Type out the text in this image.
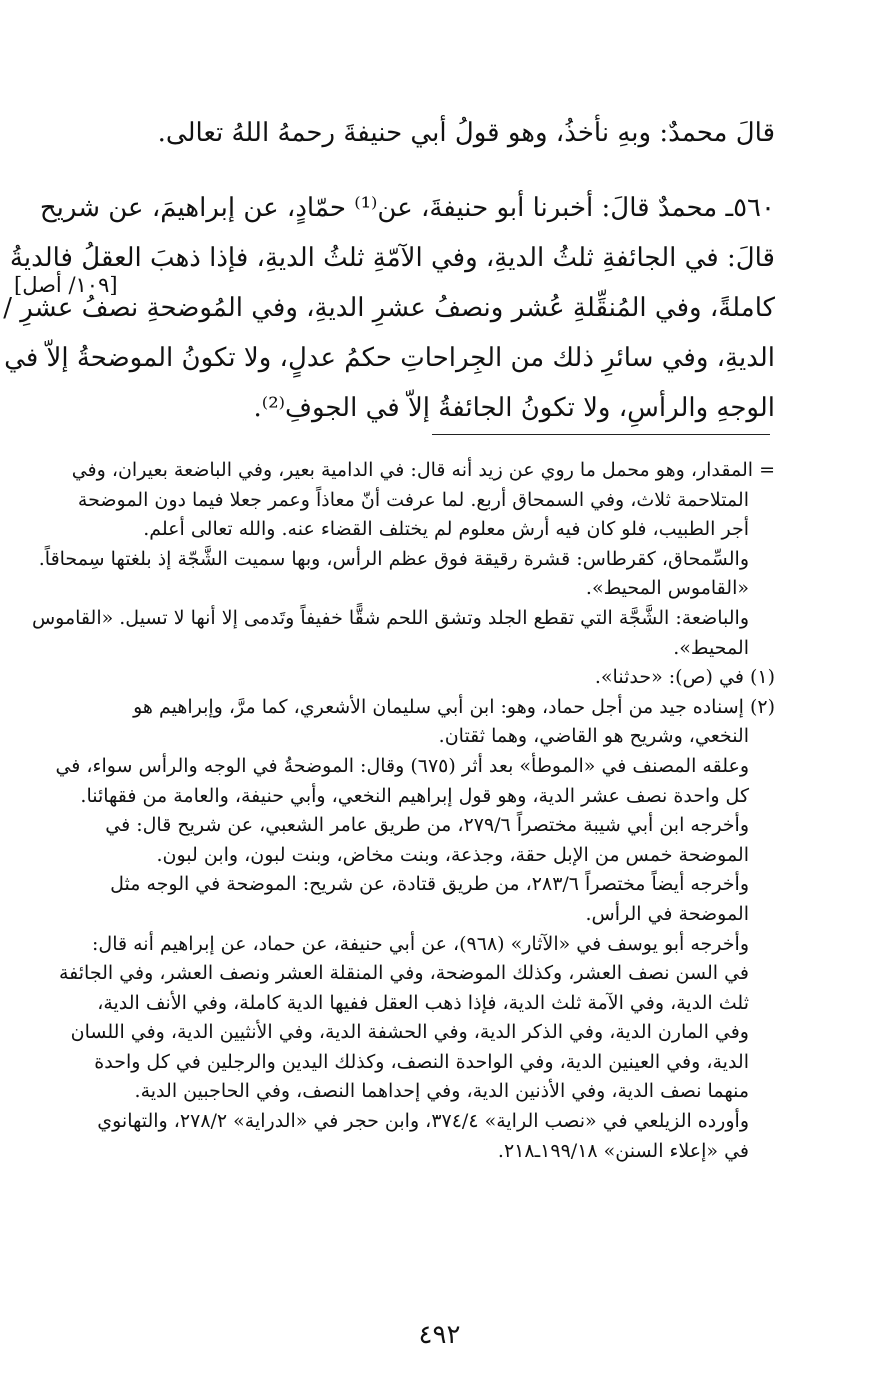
قالَ محمدٌ: وبهِ نأخذُ، وهو قولُ أبي حنيفةَ رحمهُ اللهُ تعالى.
٥٦٠ـ محمدٌ قالَ: أخبرنا أبو حنيفةَ، عن⁽¹⁾ حمّادٍ، عن إبراهيمَ، عن شريح
قالَ: في الجائفةِ ثلثُ الديةِ، وفي الآمّةِ ثلثُ الديةِ، فإذا ذهبَ العقلُ فالديةُ
كاملةً، وفي المُنقِّلةِ عُشر ونصفُ عشرِ الديةِ، وفي المُوضحةِ نصفُ عشرِ /
الديةِ، وفي سائرِ ذلك من الجِراحاتِ حكمُ عدلٍ، ولا تكونُ الموضحةُ إلاّ في
الوجهِ والرأسِ، ولا تكونُ الجائفةُ إلاّ في الجوفِ⁽²⁾.
[١٠٩/ أصل]
= المقدار، وهو محمل ما روي عن زيد أنه قال: في الدامية بعير، وفي الباضعة بعيران، وفي
المتلاحمة ثلاث، وفي السمحاق أربع. لما عرفت أنّ معاذاً وعمر جعلا فيما دون الموضحة
أجر الطبيب، فلو كان فيه أرش معلوم لم يختلف القضاء عنه. والله تعالى أعلم.
والسِّمحاق، كقرطاس: قشرة رقيقة فوق عظم الرأس، وبها سميت الشَّجّة إذ بلغتها سِمحاقاً.
«القاموس المحيط».
والباضعة: الشَّجَّة التي تقطع الجلد وتشق اللحم شقًّا خفيفاً وتَدمى إلا أنها لا تسيل. «القاموس
المحيط».
(١) في (ص): «حدثنا».
(٢) إسناده جيد من أجل حماد، وهو: ابن أبي سليمان الأشعري، كما مرَّ، وإبراهيم هو
النخعي، وشريح هو القاضي، وهما ثقتان.
وعلقه المصنف في «الموطأ» بعد أثر (٦٧٥) وقال: الموضحةُ في الوجه والرأس سواء، في
كل واحدة نصف عشر الدية، وهو قول إبراهيم النخعي، وأبي حنيفة، والعامة من فقهائنا.
وأخرجه ابن أبي شيبة مختصراً ٢٧٩/٦، من طريق عامر الشعبي، عن شريح قال: في
الموضحة خمس من الإبل حقة، وجذعة، وبنت مخاض، وبنت لبون، وابن لبون.
وأخرجه أيضاً مختصراً ٢٨٣/٦، من طريق قتادة، عن شريح: الموضحة في الوجه مثل
الموضحة في الرأس.
وأخرجه أبو يوسف في «الآثار» (٩٦٨)، عن أبي حنيفة، عن حماد، عن إبراهيم أنه قال:
في السن نصف العشر، وكذلك الموضحة، وفي المنقلة العشر ونصف العشر، وفي الجائفة
ثلث الدية، وفي الآمة ثلث الدية، فإذا ذهب العقل ففيها الدية كاملة، وفي الأنف الدية،
وفي المارن الدية، وفي الذكر الدية، وفي الحشفة الدية، وفي الأنثيين الدية، وفي اللسان
الدية، وفي العينين الدية، وفي الواحدة النصف، وكذلك اليدين والرجلين في كل واحدة
منهما نصف الدية، وفي الأذنين الدية، وفي إحداهما النصف، وفي الحاجبين الدية.
وأورده الزيلعي في «نصب الراية» ٣٧٤/٤، وابن حجر في «الدراية» ٢٧٨/٢، والتهانوي
في «إعلاء السنن» ١٩٩/١٨ـ٢١٨.
٤٩٢
